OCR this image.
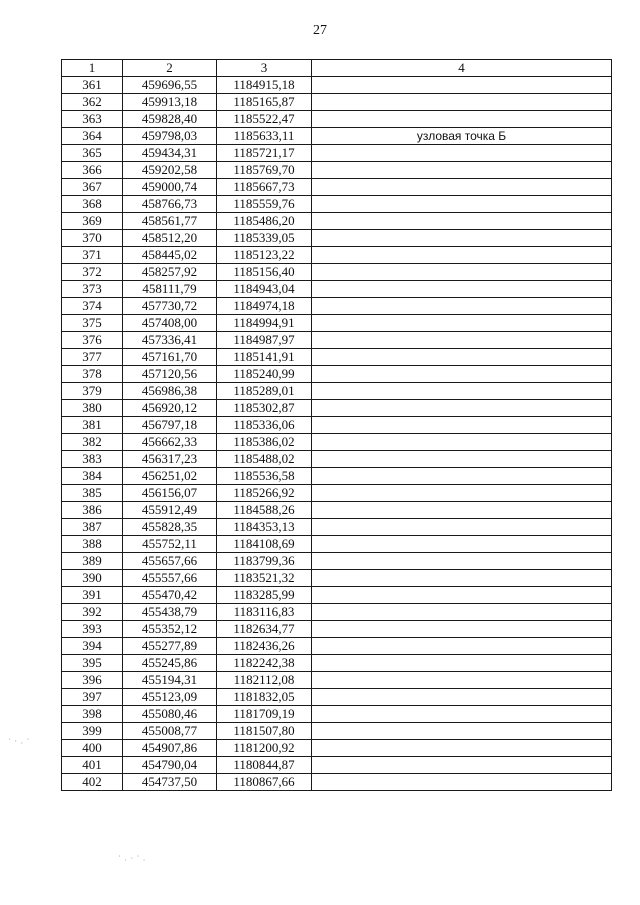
27
1	2	3	4
361	459696,55	1184915,18	
362	459913,18	1185165,87	
363	459828,40	1185522,47	
364	459798,03	1185633,11	узловая точка Б
365	459434,31	1185721,17	
366	459202,58	1185769,70	
367	459000,74	1185667,73	
368	458766,73	1185559,76	
369	458561,77	1185486,20	
370	458512,20	1185339,05	
371	458445,02	1185123,22	
372	458257,92	1185156,40	
373	458111,79	1184943,04	
374	457730,72	1184974,18	
375	457408,00	1184994,91	
376	457336,41	1184987,97	
377	457161,70	1185141,91	
378	457120,56	1185240,99	
379	456986,38	1185289,01	
380	456920,12	1185302,87	
381	456797,18	1185336,06	
382	456662,33	1185386,02	
383	456317,23	1185488,02	
384	456251,02	1185536,58	
385	456156,07	1185266,92	
386	455912,49	1184588,26	
387	455828,35	1184353,13	
388	455752,11	1184108,69	
389	455657,66	1183799,36	
390	455557,66	1183521,32	
391	455470,42	1183285,99	
392	455438,79	1183116,83	
393	455352,12	1182634,77	
394	455277,89	1182436,26	
395	455245,86	1182242,38	
396	455194,31	1182112,08	
397	455123,09	1181832,05	
398	455080,46	1181709,19	
399	455008,77	1181507,80	
400	454907,86	1181200,92	
401	454790,04	1180844,87	
402	454737,50	1180867,66	
⠁⠂⠄⠁
⠁⠄⠂⠁⠄
